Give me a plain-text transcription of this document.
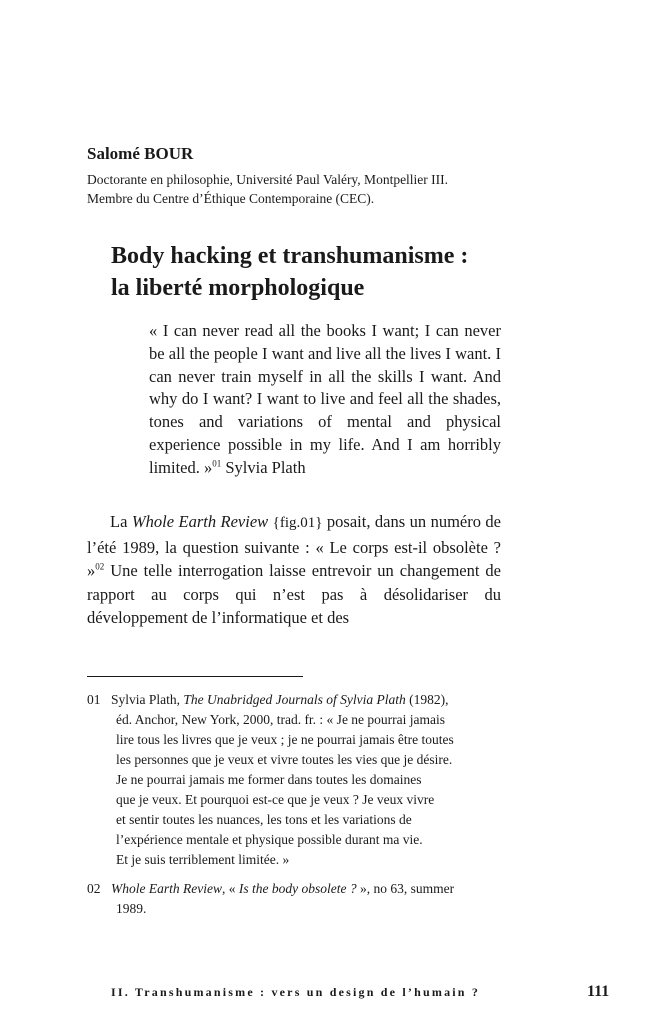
Salomé BOUR
Doctorante en philosophie, Université Paul Valéry, Montpellier III.
Membre du Centre d’Éthique Contemporaine (CEC).
Body hacking et transhumanisme :
la liberté morphologique
« I can never read all the books I want; I can never be all the people I want and live all the lives I want. I can never train myself in all the skills I want. And why do I want? I want to live and feel all the shades, tones and variations of mental and physical experience possible in my life. And I am horribly limited. »$^{01}$ Sylvia Plath
La Whole Earth Review {fig.01} posait, dans un numéro de l’été 1989, la question suivante : « Le corps est-il obsolète ? »$^{02}$ Une telle interrogation laisse entrevoir un changement de rapport au corps qui n’est pas à désolidariser du développement de l’informatique et des
01 Sylvia Plath, The Unabridged Journals of Sylvia Plath (1982),
éd. Anchor, New York, 2000, trad. fr. : « Je ne pourrai jamais
lire tous les livres que je veux ; je ne pourrai jamais être toutes
les personnes que je veux et vivre toutes les vies que je désire.
Je ne pourrai jamais me former dans toutes les domaines
que je veux. Et pourquoi est-ce que je veux ? Je veux vivre
et sentir toutes les nuances, les tons et les variations de
l’expérience mentale et physique possible durant ma vie.
Et je suis terriblement limitée. »
02 Whole Earth Review, « Is the body obsolete ? », no 63, summer
1989.
II. Transhumanisme : vers un design de l’humain ?	111
